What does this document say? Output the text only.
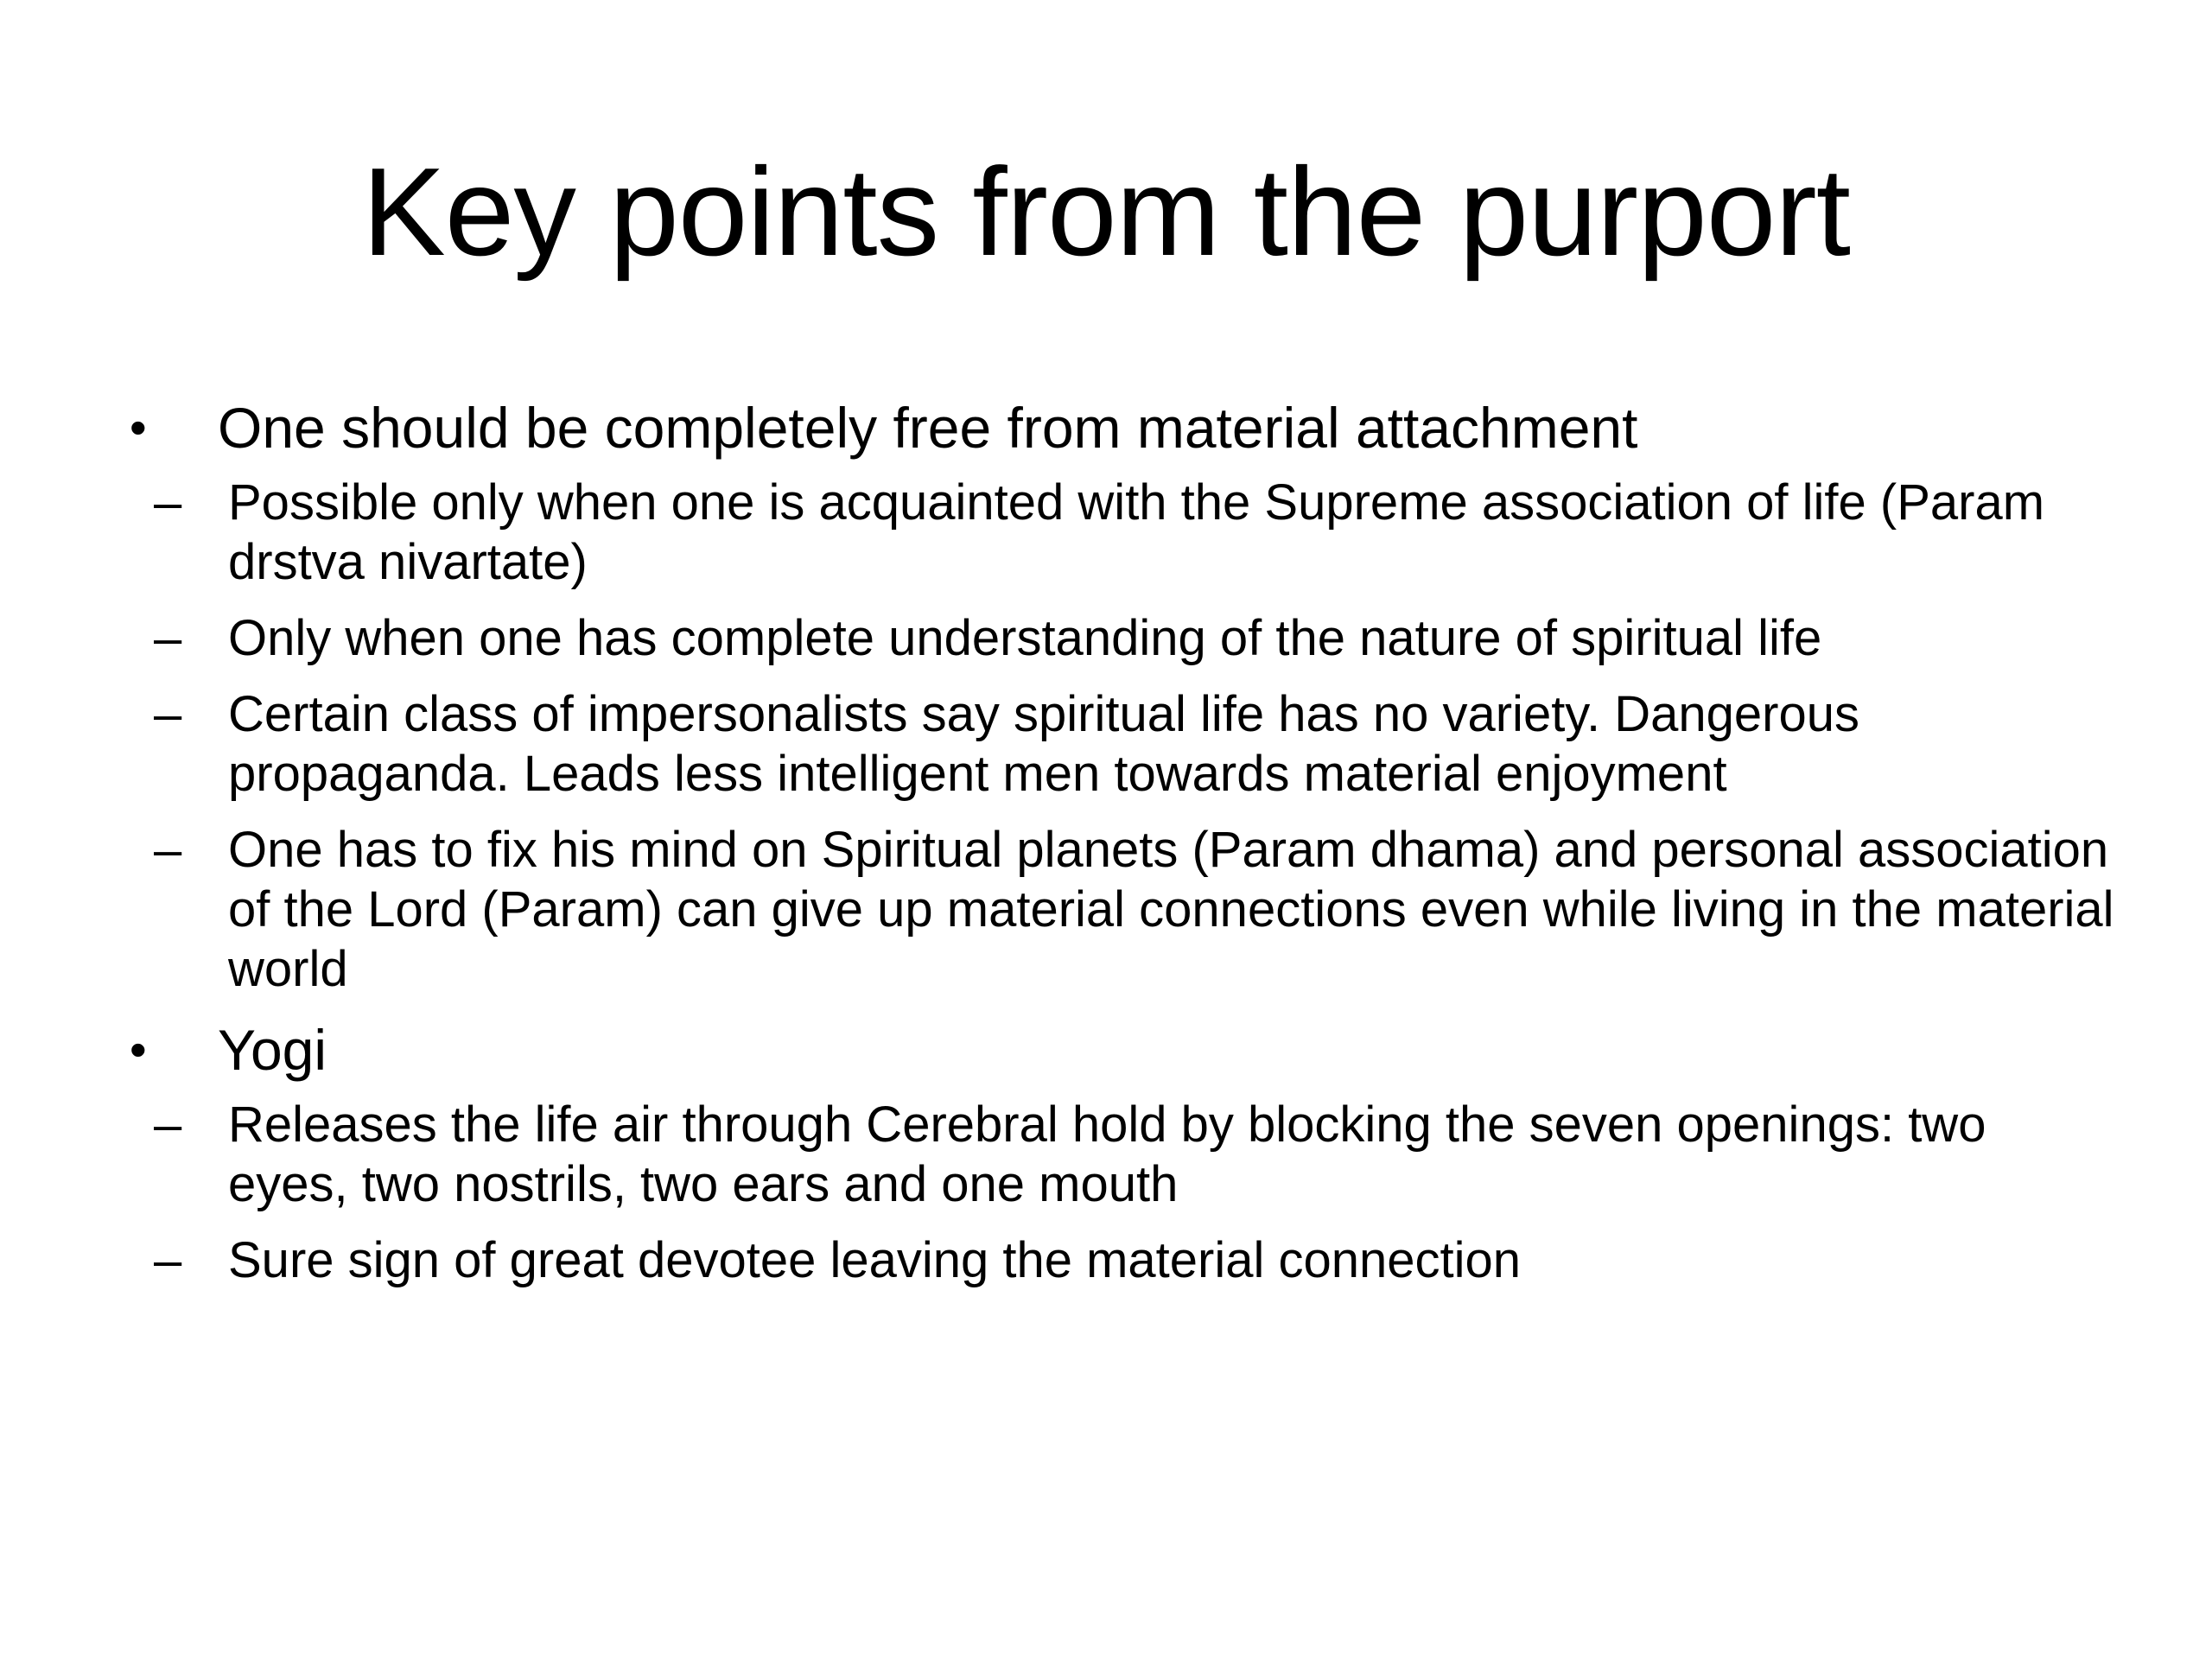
Key points from the purport
•	One should be completely free from material attachment
– Possible only when one is acquainted with the Supreme association of life (Param drstva nivartate)
– Only when one has complete understanding of the nature of spiritual life
– Certain class of impersonalists say spiritual life has no variety. Dangerous propaganda. Leads less intelligent men towards material enjoyment
– One has to fix his mind on Spiritual planets (Param dhama) and personal association of the Lord (Param) can give up material connections even while living in the material world
•	Yogi
– Releases the life air through Cerebral hold by blocking the seven openings: two eyes, two nostrils, two ears and one mouth
– Sure sign of great devotee leaving the material connection
